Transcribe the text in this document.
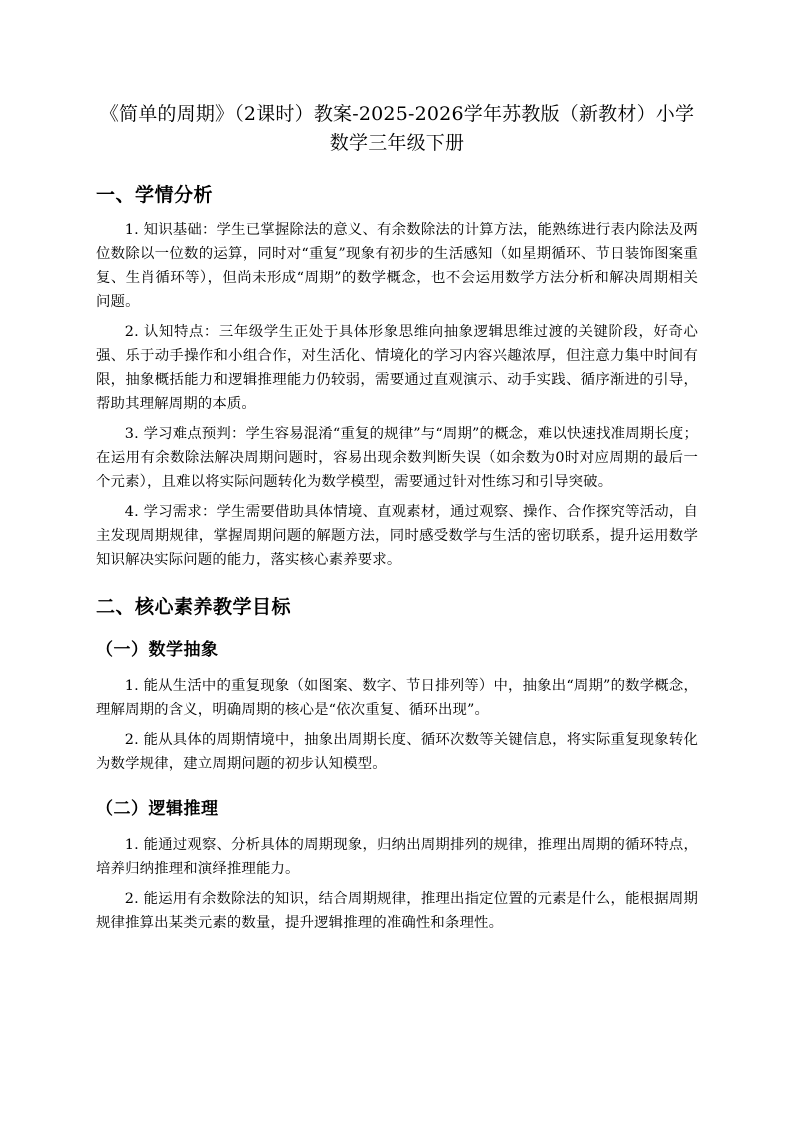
《简单的周期》（2课时）教案-2025-2026学年苏教版（新教材）小学数学三年级下册
一、学情分析

1. 知识基础：学生已掌握除法的意义、有余数除法的计算方法，能熟练进行表内除法及两位数除以一位数的运算，同时对“重复”现象有初步的生活感知（如星期循环、节日装饰图案重复、生肖循环等），但尚未形成“周期”的数学概念，也不会运用数学方法分析和解决周期相关问题。

2. 认知特点：三年级学生正处于具体形象思维向抽象逻辑思维过渡的关键阶段，好奇心强、乐于动手操作和小组合作，对生活化、情境化的学习内容兴趣浓厚，但注意力集中时间有限，抽象概括能力和逻辑推理能力仍较弱，需要通过直观演示、动手实践、循序渐进的引导，帮助其理解周期的本质。

3. 学习难点预判：学生容易混淆“重复的规律”与“周期”的概念，难以快速找准周期长度；在运用有余数除法解决周期问题时，容易出现余数判断失误（如余数为0时对应周期的最后一个元素），且难以将实际问题转化为数学模型，需要通过针对性练习和引导突破。

4. 学习需求：学生需要借助具体情境、直观素材，通过观察、操作、合作探究等活动，自主发现周期规律，掌握周期问题的解题方法，同时感受数学与生活的密切联系，提升运用数学知识解决实际问题的能力，落实核心素养要求。

二、核心素养教学目标
（一）数学抽象

1. 能从生活中的重复现象（如图案、数字、节日排列等）中，抽象出“周期”的数学概念，理解周期的含义，明确周期的核心是“依次重复、循环出现”。

2. 能从具体的周期情境中，抽象出周期长度、循环次数等关键信息，将实际重复现象转化为数学规律，建立周期问题的初步认知模型。

（二）逻辑推理

1. 能通过观察、分析具体的周期现象，归纳出周期排列的规律，推理出周期的循环特点，培养归纳推理和演绎推理能力。

2. 能运用有余数除法的知识，结合周期规律，推理出指定位置的元素是什么，能根据周期规律推算出某类元素的数量，提升逻辑推理的准确性和条理性。
